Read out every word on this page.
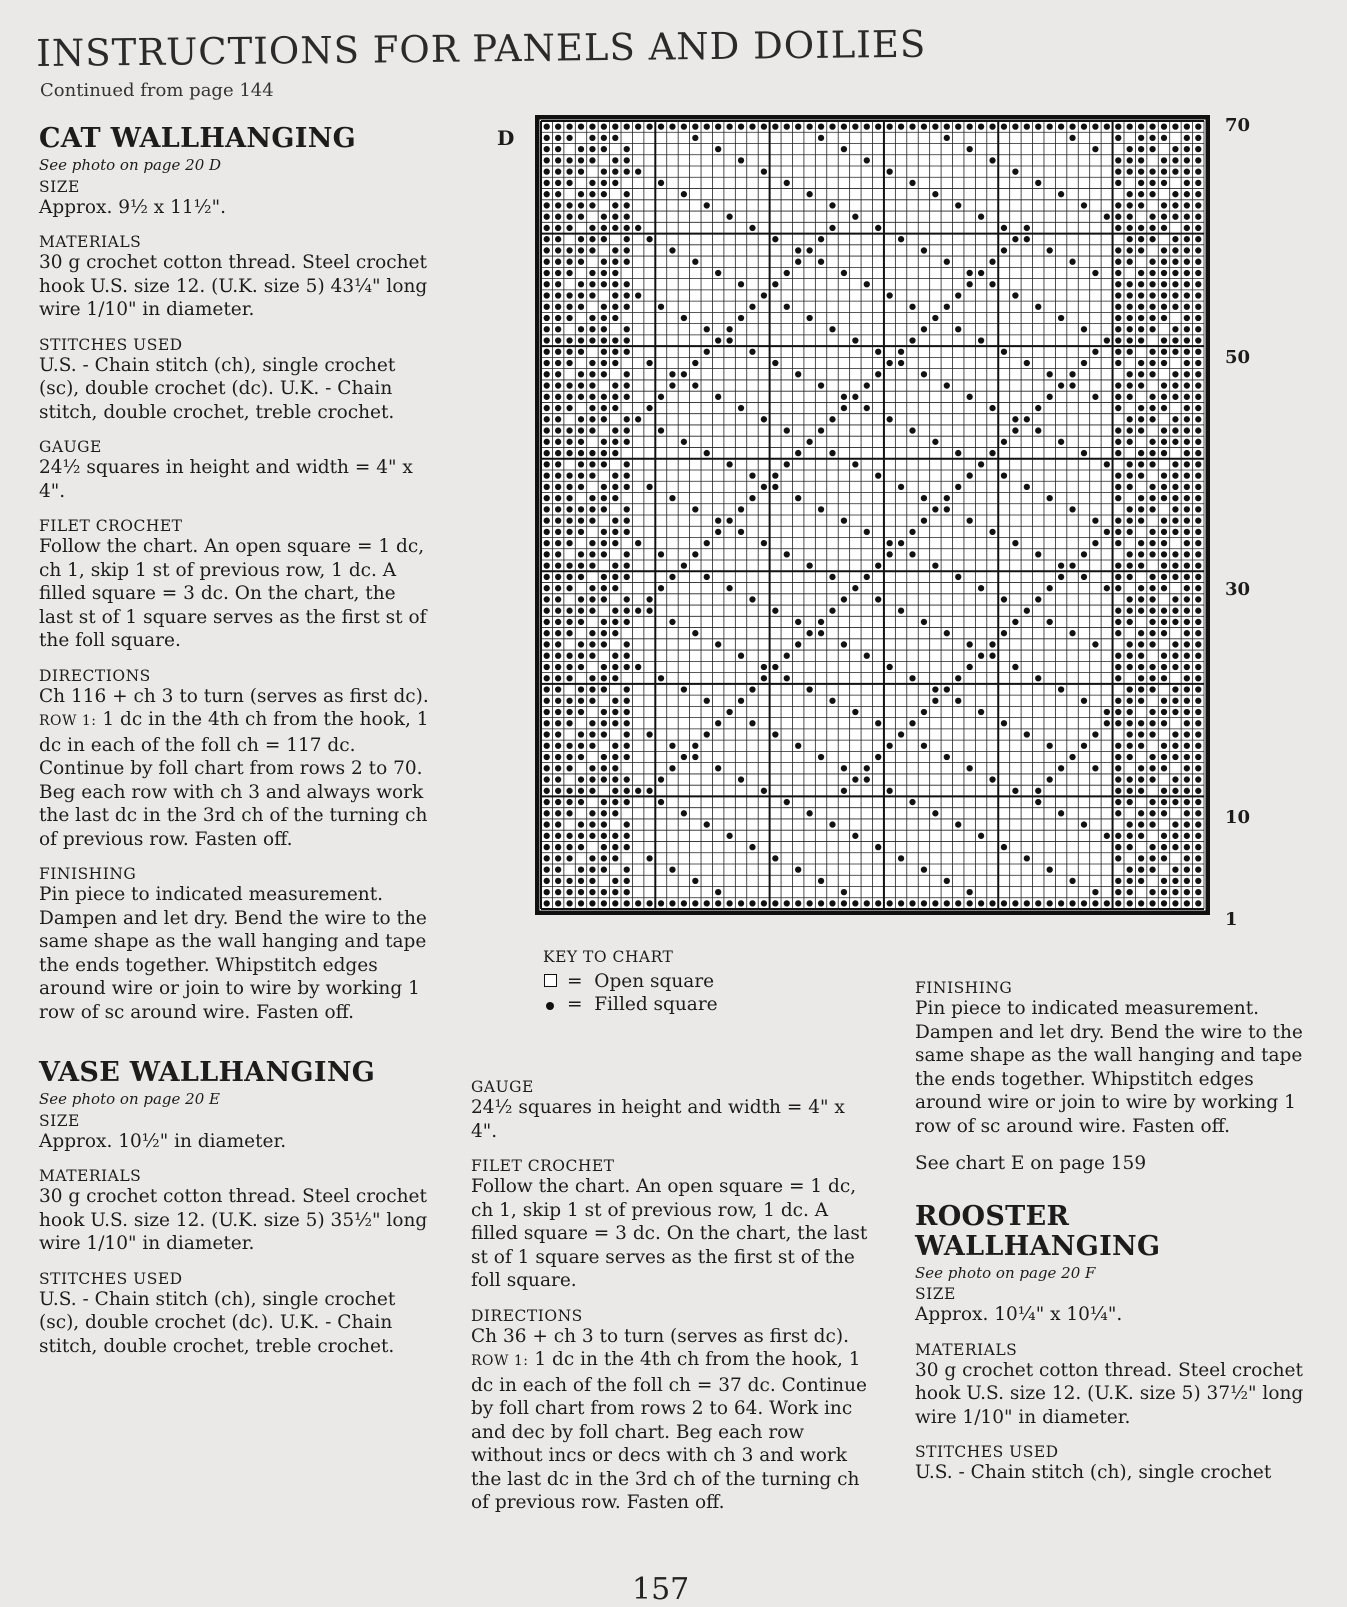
INSTRUCTIONS FOR PANELS AND DOILIES
Continued from page 144
CAT WALLHANGING

See photo on page 20 D

SIZE

Approx. 9½ x 11½".

MATERIALS

30 g crochet cotton thread. Steel crochet hook U.S. size 12. (U.K. size 5) 43¼" long wire 1/10" in diameter.

STITCHES USED

U.S. - Chain stitch (ch), single crochet (sc), double crochet (dc). U.K. - Chain stitch, double crochet, treble crochet.

GAUGE

24½ squares in height and width = 4" x 4".

FILET CROCHET

Follow the chart. An open square = 1 dc, ch 1, skip 1 st of previous row, 1 dc. A filled square = 3 dc. On the chart, the last st of 1 square serves as the first st of the foll square.

DIRECTIONS

Ch 116 + ch 3 to turn (serves as first dc).

ROW 1: 1 dc in the 4th ch from the hook, 1 dc in each of the foll ch = 117 dc. Continue by foll chart from rows 2 to 70. Beg each row with ch 3 and always work the last dc in the 3rd ch of the turning ch of previous row. Fasten off.

FINISHING

Pin piece to indicated measurement. Dampen and let dry. Bend the wire to the same shape as the wall hanging and tape the ends together. Whipstitch edges around wire or join to wire by working 1 row of sc around wire. Fasten off.

VASE WALLHANGING

See photo on page 20 E

SIZE

Approx. 10½" in diameter.

MATERIALS

30 g crochet cotton thread. Steel crochet hook U.S. size 12. (U.K. size 5) 35½" long wire 1/10" in diameter.

STITCHES USED

U.S. - Chain stitch (ch), single crochet (sc), double crochet (dc). U.K. - Chain stitch, double crochet, treble crochet.

D
70
50
30
10
1

KEY TO CHART

=
Open square
=
Filled square

GAUGE

24½ squares in height and width = 4" x 4".

FILET CROCHET

Follow the chart. An open square = 1 dc, ch 1, skip 1 st of previous row, 1 dc. A filled square = 3 dc. On the chart, the last st of 1 square serves as the first st of the foll square.

DIRECTIONS

Ch 36 + ch 3 to turn (serves as first dc).

ROW 1: 1 dc in the 4th ch from the hook, 1 dc in each of the foll ch = 37 dc. Continue by foll chart from rows 2 to 64. Work inc and dec by foll chart. Beg each row without incs or decs with ch 3 and work the last dc in the 3rd ch of the turning ch of previous row. Fasten off.

FINISHING

Pin piece to indicated measurement. Dampen and let dry. Bend the wire to the same shape as the wall hanging and tape the ends together. Whipstitch edges around wire or join to wire by working 1 row of sc around wire. Fasten off.

See chart E on page 159

ROOSTER WALLHANGING

See photo on page 20 F

SIZE

Approx. 10¼" x 10¼".

MATERIALS

30 g crochet cotton thread. Steel crochet hook U.S. size 12. (U.K. size 5) 37½" long wire 1/10" in diameter.

STITCHES USED

U.S. - Chain stitch (ch), single crochet

157
